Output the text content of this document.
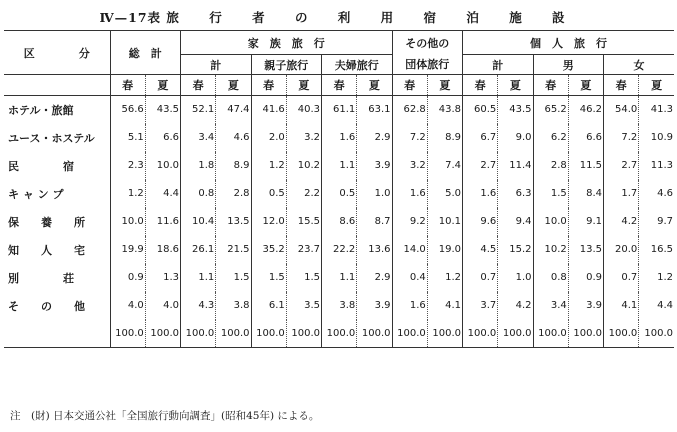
Ⅳ—17表 旅 行 者 の 利 用 宿 泊 施 設
区　　　　分	総　計		家　族　旅　行						その他の		個　人　旅　行					
			計		親子旅行		夫婦旅行		団体旅行		計		男		女	
	春	夏	春	夏	春	夏	春	夏	春	夏	春	夏	春	夏	春	夏
ホテル・旅館	56.6	43.5	52.1	47.4	41.6	40.3	61.1	63.1	62.8	43.8	60.5	43.5	65.2	46.2	54.0	41.3
ユース・ホステル	5.1	6.6	3.4	4.6	2.0	3.2	1.6	2.9	7.2	8.9	6.7	9.0	6.2	6.6	7.2	10.9
民　　　　宿	2.3	10.0	1.8	8.9	1.2	10.2	1.1	3.9	3.2	7.4	2.7	11.4	2.8	11.5	2.7	11.3
キ ャ ン プ	1.2	4.4	0.8	2.8	0.5	2.2	0.5	1.0	1.6	5.0	1.6	6.3	1.5	8.4	1.7	4.6
保　　養　　所	10.0	11.6	10.4	13.5	12.0	15.5	8.6	8.7	9.2	10.1	9.6	9.4	10.0	9.1	4.2	9.7
知　　人　　宅	19.9	18.6	26.1	21.5	35.2	23.7	22.2	13.6	14.0	19.0	4.5	15.2	10.2	13.5	20.0	16.5
別　　　　荘	0.9	1.3	1.1	1.5	1.5	1.5	1.1	2.9	0.4	1.2	0.7	1.0	0.8	0.9	0.7	1.2
そ　　の　　他	4.0	4.0	4.3	3.8	6.1	3.5	3.8	3.9	1.6	4.1	3.7	4.2	3.4	3.9	4.1	4.4
	100.0	100.0	100.0	100.0	100.0	100.0	100.0	100.0	100.0	100.0	100.0	100.0	100.0	100.0	100.0	100.0
注　(財) 日本交通公社「全国旅行動向調査」(昭和45年) による。
